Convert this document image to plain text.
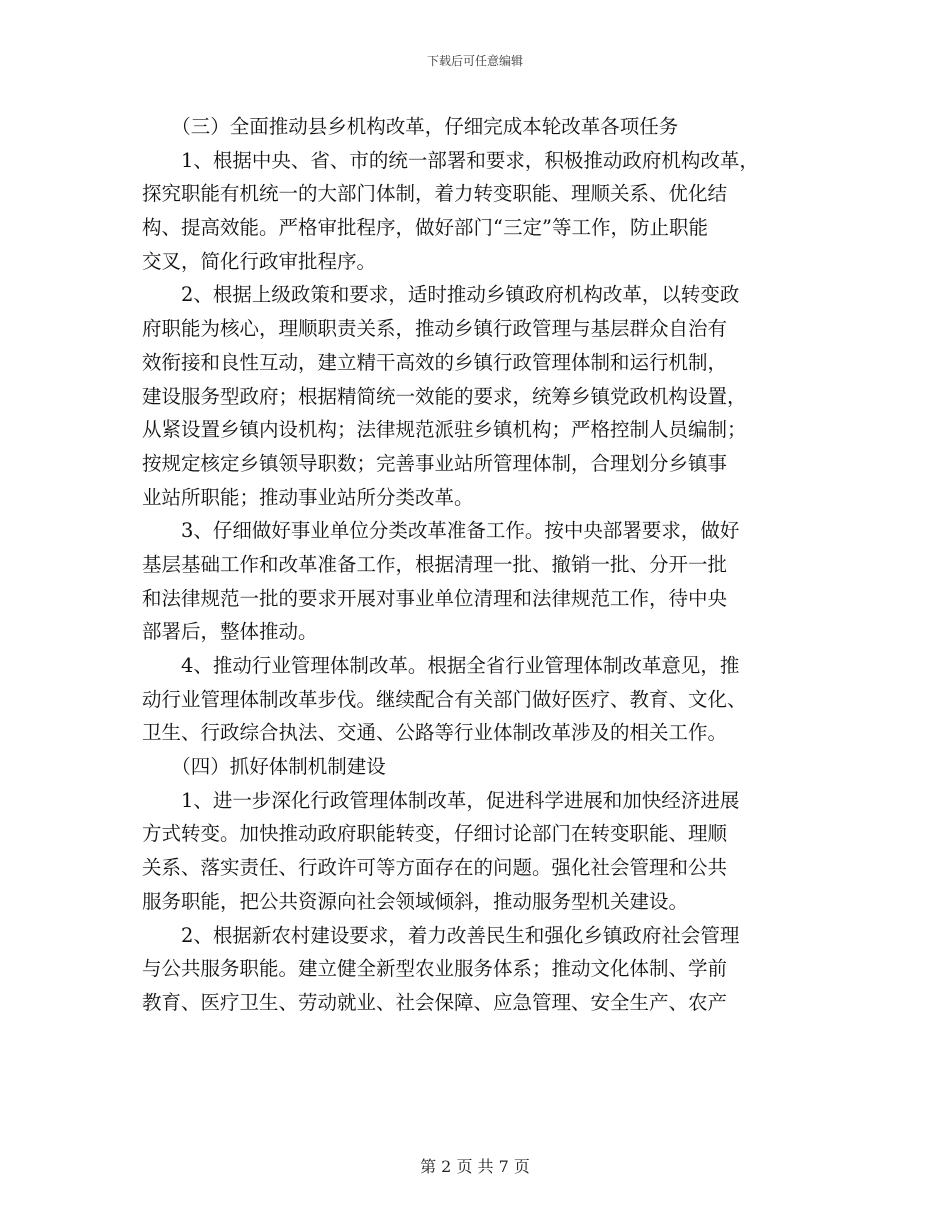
下载后可任意编辑
　　（三）全面推动县乡机构改革，仔细完成本轮改革各项任务
　　1、根据中央、省、市的统一部署和要求，积极推动政府机构改革，
探究职能有机统一的大部门体制，着力转变职能、理顺关系、优化结
构、提高效能。严格审批程序，做好部门“三定”等工作，防止职能
交叉，简化行政审批程序。
　　2、根据上级政策和要求，适时推动乡镇政府机构改革，以转变政
府职能为核心，理顺职责关系，推动乡镇行政管理与基层群众自治有
效衔接和良性互动，建立精干高效的乡镇行政管理体制和运行机制，
建设服务型政府；根据精简统一效能的要求，统筹乡镇党政机构设置，
从紧设置乡镇内设机构；法律规范派驻乡镇机构；严格控制人员编制；
按规定核定乡镇领导职数；完善事业站所管理体制，合理划分乡镇事
业站所职能；推动事业站所分类改革。
　　3、仔细做好事业单位分类改革准备工作。按中央部署要求，做好
基层基础工作和改革准备工作，根据清理一批、撤销一批、分开一批
和法律规范一批的要求开展对事业单位清理和法律规范工作，待中央
部署后，整体推动。
　　4、推动行业管理体制改革。根据全省行业管理体制改革意见，推
动行业管理体制改革步伐。继续配合有关部门做好医疗、教育、文化、
卫生、行政综合执法、交通、公路等行业体制改革涉及的相关工作。
　　（四）抓好体制机制建设
　　1、进一步深化行政管理体制改革，促进科学进展和加快经济进展
方式转变。加快推动政府职能转变，仔细讨论部门在转变职能、理顺
关系、落实责任、行政许可等方面存在的问题。强化社会管理和公共
服务职能，把公共资源向社会领域倾斜，推动服务型机关建设。
　　2、根据新农村建设要求，着力改善民生和强化乡镇政府社会管理
与公共服务职能。建立健全新型农业服务体系；推动文化体制、学前
教育、医疗卫生、劳动就业、社会保障、应急管理、安全生产、农产
第 2 页 共 7 页
